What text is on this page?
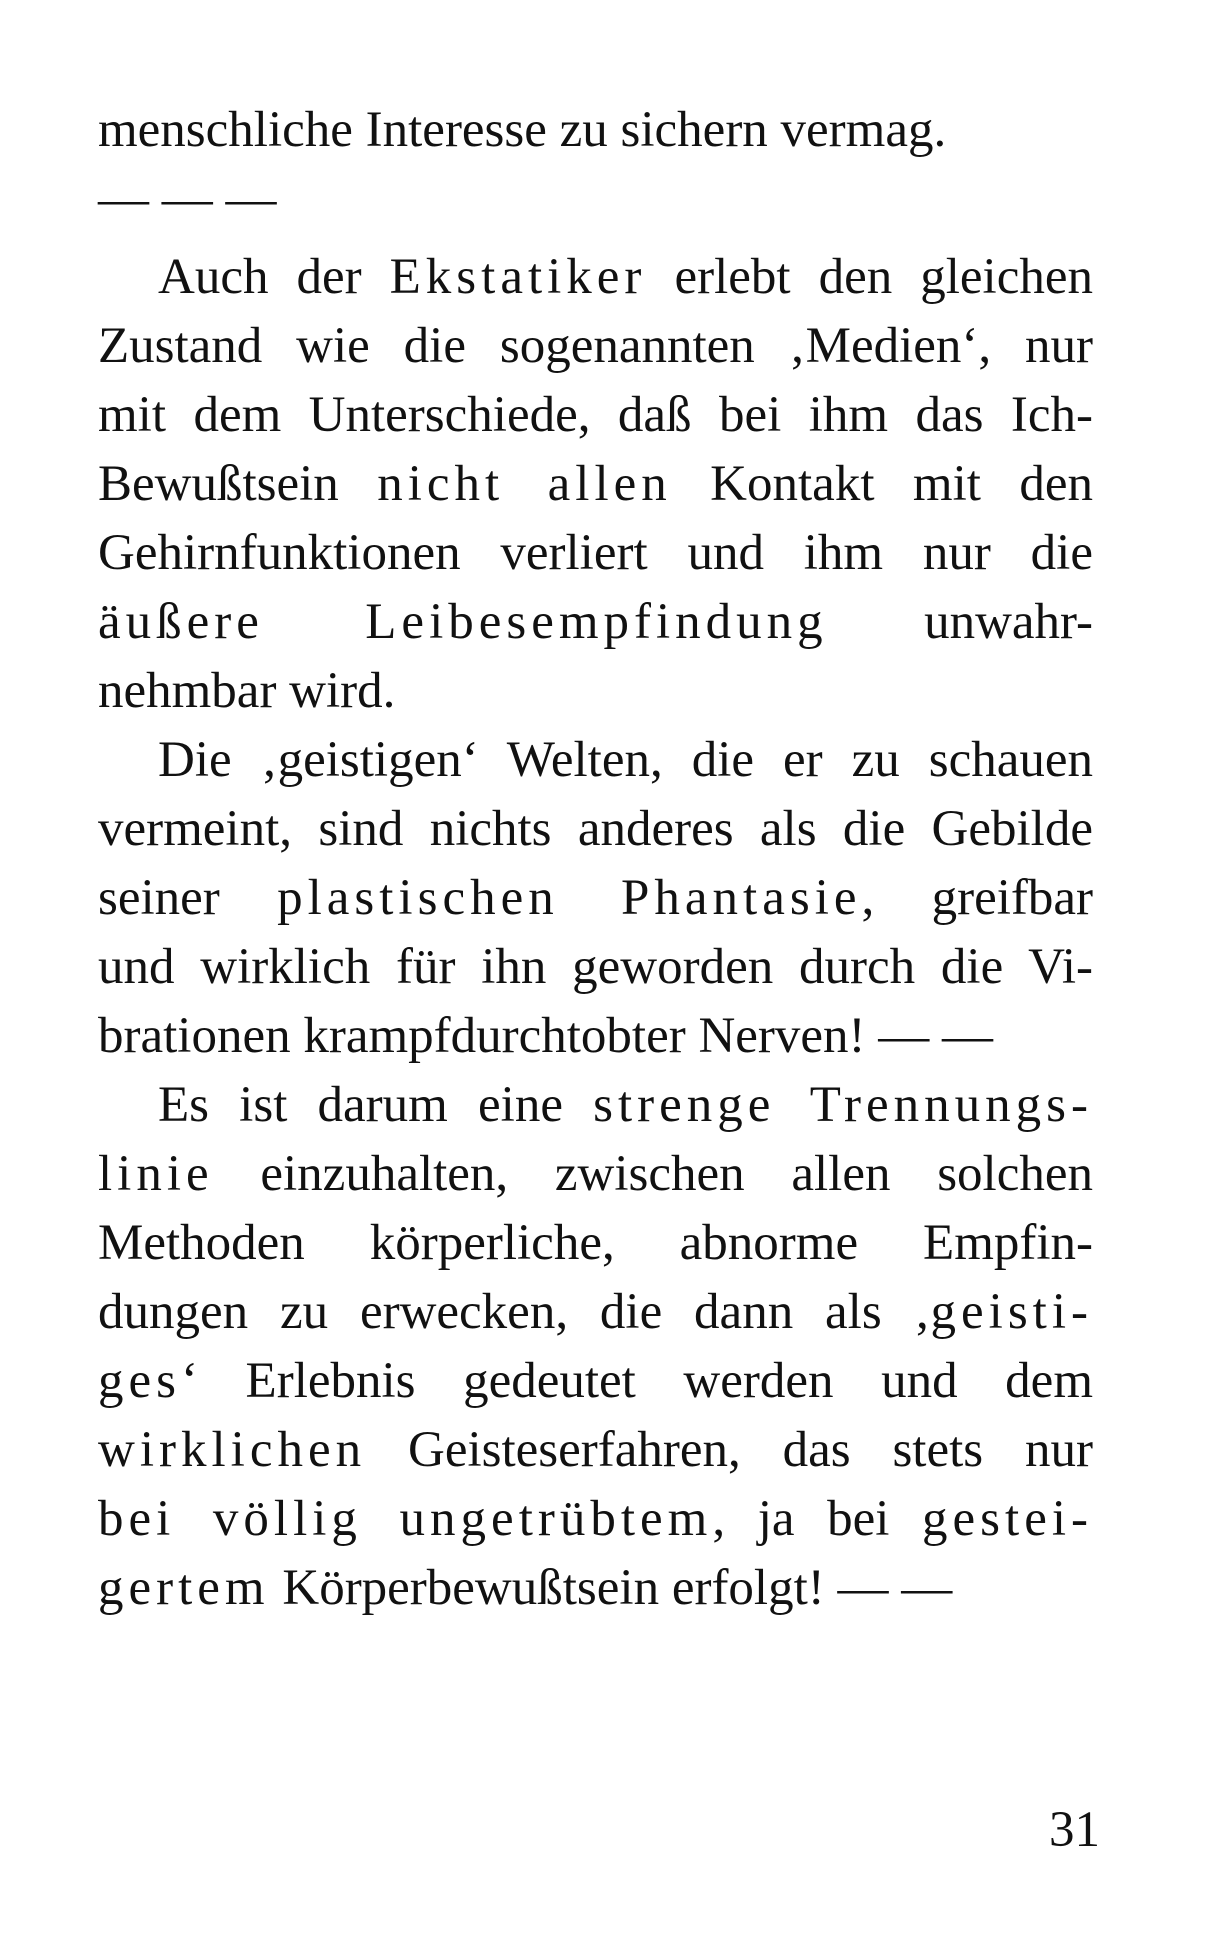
menschliche Interesse zu sichern vermag.
— — —
Auch der Ekstatiker erlebt den gleichen
Zustand wie die sogenannten ‚Medien‘, nur
mit dem Unterschiede, daß bei ihm das Ich-
Bewußtsein nicht allen Kontakt mit den
Gehirnfunktionen verliert und ihm nur die
äußere Leibesempfindung unwahr-
nehmbar wird.
Die ‚geistigen‘ Welten, die er zu schauen
vermeint, sind nichts anderes als die Gebilde
seiner plastischen Phantasie, greifbar
und wirklich für ihn geworden durch die Vi-
brationen krampfdurchtobter Nerven! — —
Es ist darum eine strenge Trennungs-
linie einzuhalten, zwischen allen solchen
Methoden körperliche, abnorme Empfin-
dungen zu erwecken, die dann als ‚geisti-
ges‘ Erlebnis gedeutet werden und dem
wirklichen Geisteserfahren, das stets nur
bei völlig ungetrübtem, ja bei gestei-
gertem Körperbewußtsein erfolgt! — —
31
